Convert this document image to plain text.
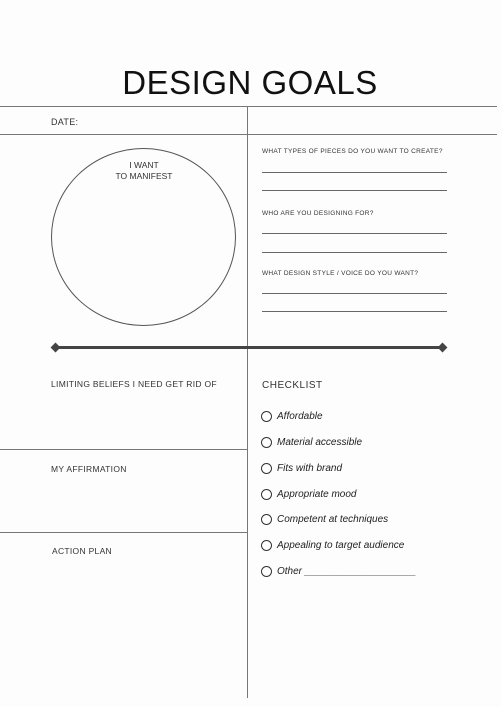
DESIGN GOALS
DATE:
I WANT
TO MANIFEST
WHAT TYPES OF PIECES DO YOU WANT TO CREATE?
WHO ARE YOU DESIGNING FOR?
WHAT DESIGN STYLE / VOICE DO YOU WANT?
LIMITING BELIEFS I NEED GET RID OF
MY AFFIRMATION
ACTION PLAN
CHECKLIST
Affordable
Material accessible
Fits with brand
Appropriate mood
Competent at techniques
Appealing to target audience
Other ____________________
